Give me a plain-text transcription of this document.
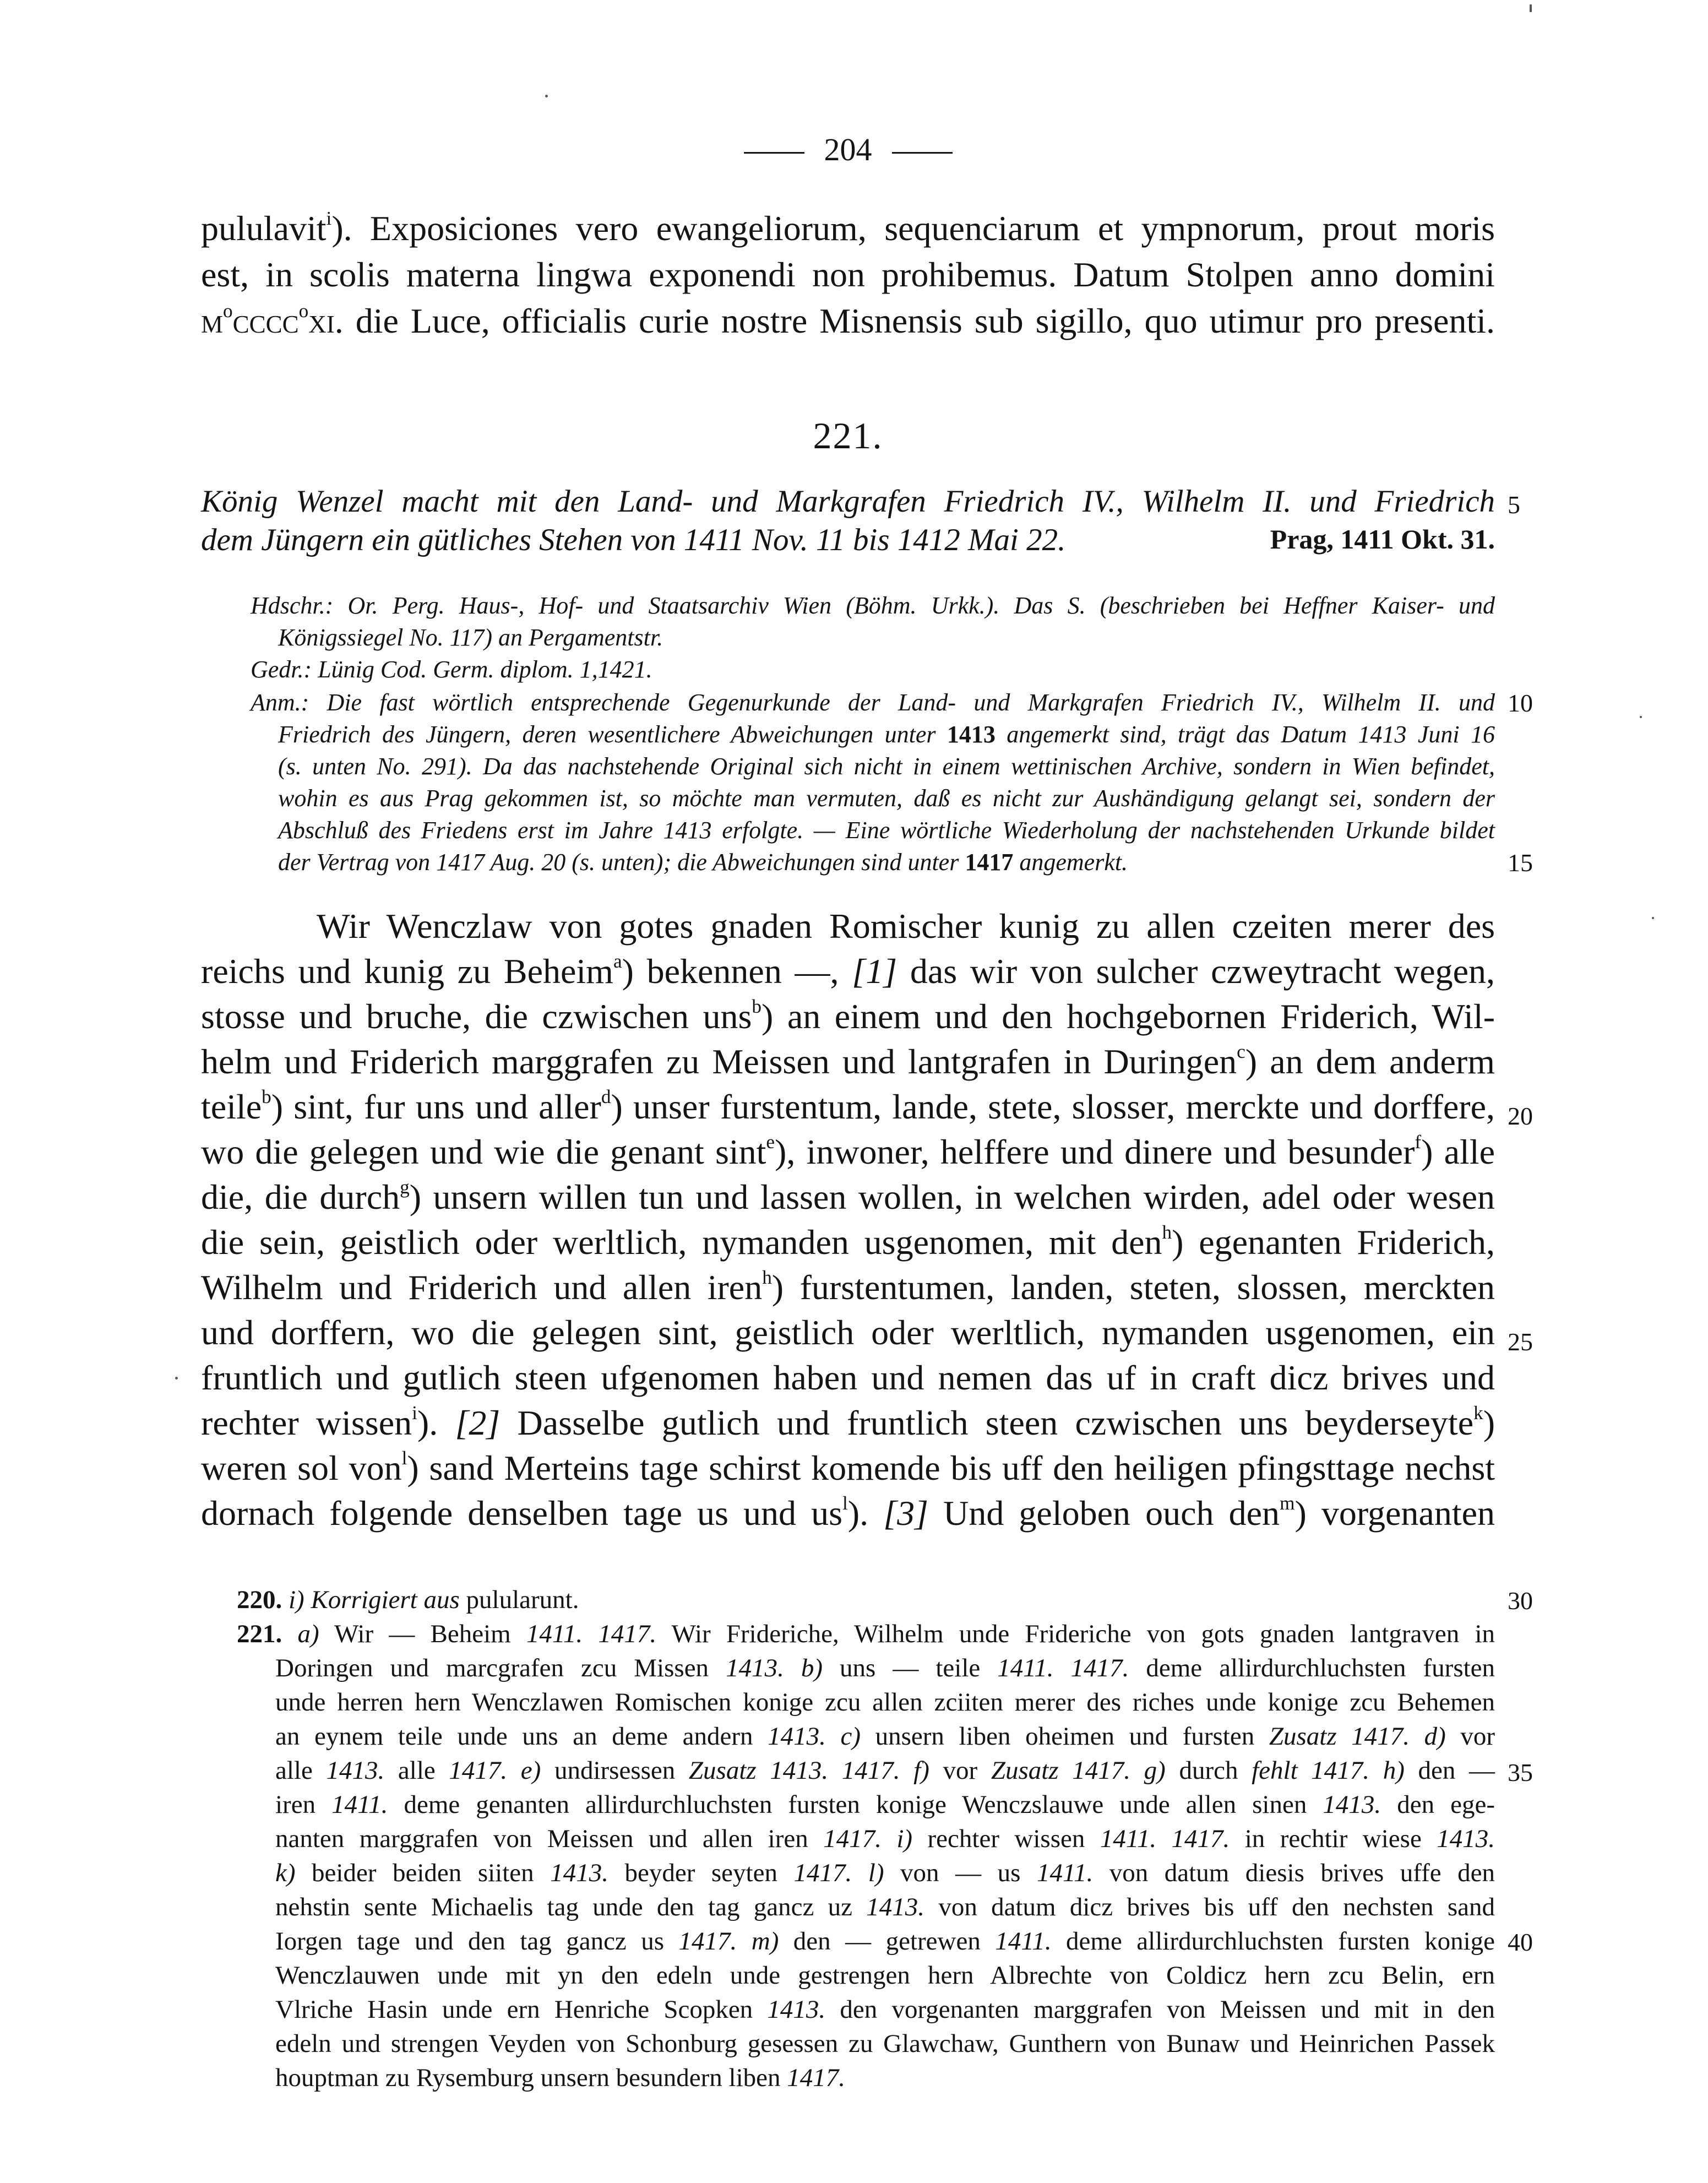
204
pululavit$^i$). Exposiciones vero ewangeliorum, sequenciarum et ympnorum, prout moris
est, in scolis materna lingwa exponendi non prohibemus. Datum Stolpen anno domini
$m^occcc^oxi$. die Luce, officialis curie nostre Misnensis sub sigillo, quo utimur pro presenti.
221.
König Wenzel macht mit den Land- und Markgrafen Friedrich IV., Wilhelm II. und Friedrich
dem Jüngern ein gütliches Stehen von 1411 Nov. 11 bis 1412 Mai 22.	Prag, 1411 Okt. 31.
Hdschr.: Or. Perg. Haus-, Hof- und Staatsarchiv Wien (Böhm. Urkk.). Das S. (beschrieben bei Heffner Kaiser- und
Königssiegel No. 117) an Pergamentstr.
Gedr.: Lünig Cod. Germ. diplom. 1,1421.
Anm.: Die fast wörtlich entsprechende Gegenurkunde der Land- und Markgrafen Friedrich IV., Wilhelm II. und
Friedrich des Jüngern, deren wesentlichere Abweichungen unter 1413 angemerkt sind, trägt das Datum 1413 Juni 16
(s. unten No. 291). Da das nachstehende Original sich nicht in einem wettinischen Archive, sondern in Wien befindet,
wohin es aus Prag gekommen ist, so möchte man vermuten, daß es nicht zur Aushändigung gelangt sei, sondern der
Abschluß des Friedens erst im Jahre 1413 erfolgte. — Eine wörtliche Wiederholung der nachstehenden Urkunde bildet
der Vertrag von 1417 Aug. 20 (s. unten); die Abweichungen sind unter 1417 angemerkt.
Wir Wenczlaw von gotes gnaden Romischer kunig zu allen czeiten merer des
reichs und kunig zu Beheim$^a$) bekennen —, [1] das wir von sulcher czweytracht wegen,
stosse und bruche, die czwischen uns$^b$) an einem und den hochgebornen Friderich, Wil-
helm und Friderich marggrafen zu Meissen und lantgrafen in Duringen$^c$) an dem anderm
teile$^b$) sint, fur uns und aller$^d$) unser furstentum, lande, stete, slosser, merckte und dorffere,
wo die gelegen und wie die genant sint$^e$), inwoner, helffere und dinere und besunder$^f$) alle
die, die durch$^g$) unsern willen tun und lassen wollen, in welchen wirden, adel oder wesen
die sein, geistlich oder werltlich, nymanden usgenomen, mit den$^h$) egenanten Friderich,
Wilhelm und Friderich und allen iren$^h$) furstentumen, landen, steten, slossen, merckten
und dorffern, wo die gelegen sint, geistlich oder werltlich, nymanden usgenomen, ein
fruntlich und gutlich steen ufgenomen haben und nemen das uf in craft dicz brives und
rechter wissen$^i$). [2] Dasselbe gutlich und fruntlich steen czwischen uns beyderseyte$^k$)
weren sol von$^l$) sand Merteins tage schirst komende bis uff den heiligen pfingsttage nechst
dornach folgende denselben tage us und $us^l$). [3] Und geloben ouch den$^m$) vorgenanten
220. i) Korrigiert aus pulularunt.
221. a) Wir — Beheim 1411. 1417. Wir Frideriche, Wilhelm unde Frideriche von gots gnaden lantgraven in
Doringen und marcgrafen zcu Missen 1413. b) uns — teile 1411. 1417. deme allirdurchluchsten fursten
unde herren hern Wenczlawen Romischen konige zcu allen zciiten merer des riches unde konige zcu Behemen
an eynem teile unde uns an deme andern 1413. c) unsern liben oheimen und fursten Zusatz 1417. d) vor
alle 1413. alle 1417. e) undirsessen Zusatz 1413. 1417. f) vor Zusatz 1417. g) durch fehlt 1417. h) den —
iren 1411. deme genanten allirdurchluchsten fursten konige Wenczslauwe unde allen sinen 1413. den ege-
nanten marggrafen von Meissen und allen iren 1417. i) rechter wissen 1411. 1417. in rechtir wiese 1413.
k) beider beiden siiten 1413. beyder seyten 1417. l) von — us 1411. von datum diesis brives uffe den
nehstin sente Michaelis tag unde den tag gancz uz 1413. von datum dicz brives bis uff den nechsten sand
Iorgen tage und den tag gancz us 1417. m) den — getrewen 1411. deme allirdurchluchsten fursten konige
Wenczlauwen unde mit yn den edeln unde gestrengen hern Albrechte von Coldicz hern zcu Belin, ern
Vlriche Hasin unde ern Henriche Scopken 1413. den vorgenanten marggrafen von Meissen und mit in den
edeln und strengen Veyden von Schonburg gesessen zu Glawchaw, Gunthern von Bunaw und Heinrichen Passek
houptman zu Rysemburg unsern besundern liben 1417.
5
10
15
20
25
30
35
40
